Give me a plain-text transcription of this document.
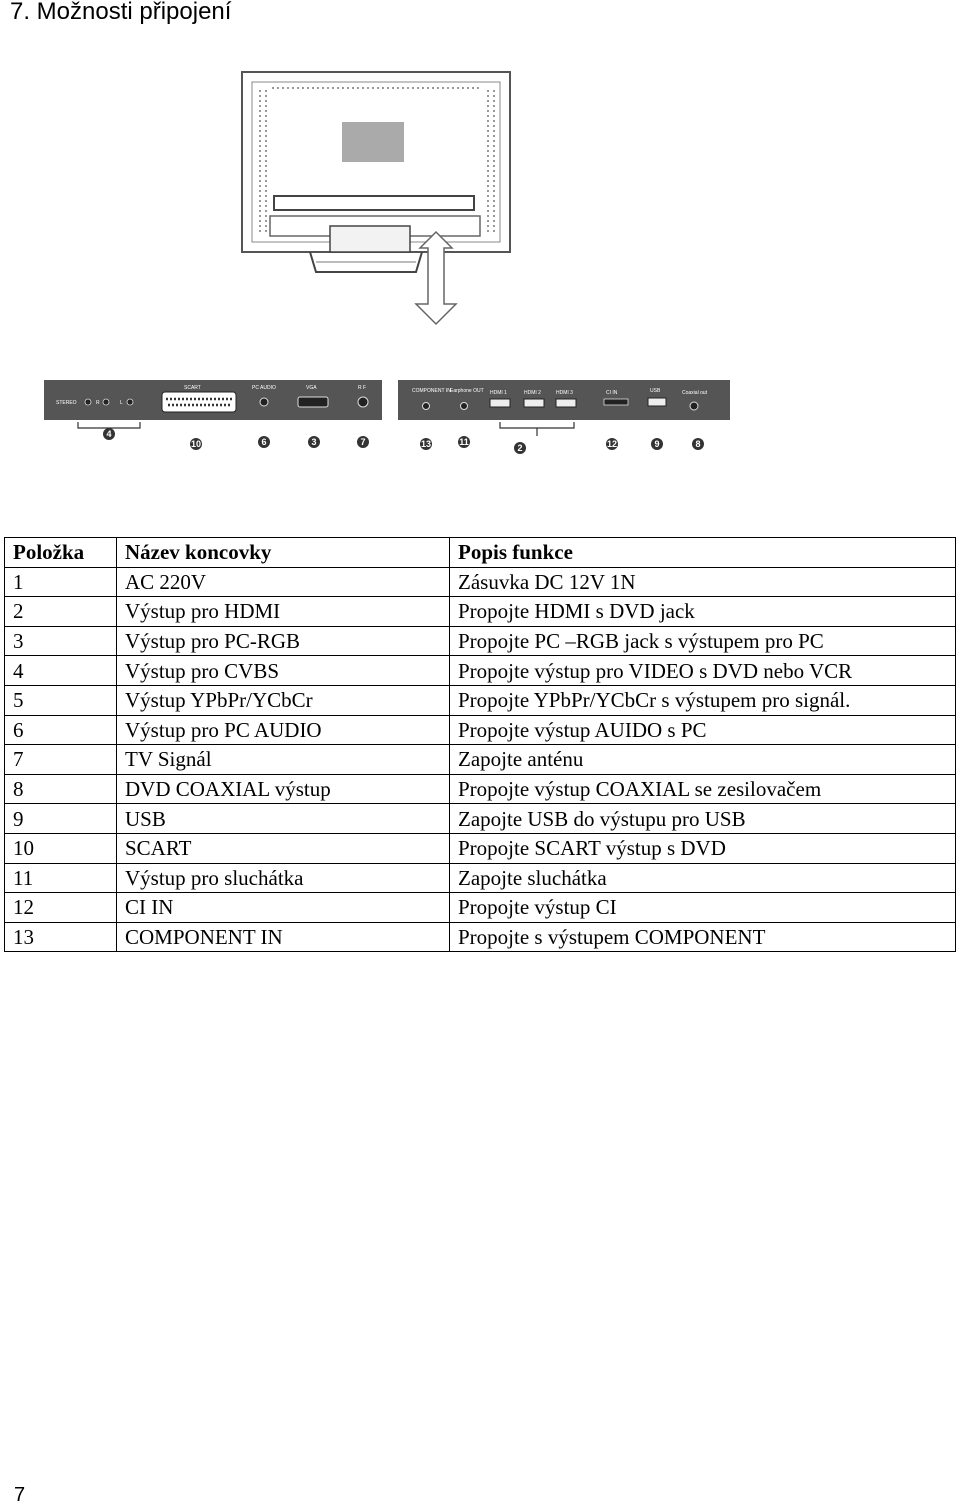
7. Možnosti připojení
STEREO	R	L
SCART	PC AUDIO	VGA	R F	COMPONENT IN Earphone OUT HDMI 1	HDMI 2	HDMI 3	CI IN	USB	Coaxial out
4
10	6	3	7	13	11
2	12	9	8
Položka	Název koncovky	Popis funkce
1	AC 220V	Zásuvka DC 12V 1N
2	Výstup pro HDMI	Propojte HDMI s DVD jack
3	Výstup pro PC-RGB	Propojte PC –RGB jack s výstupem pro PC
4	Výstup pro CVBS	Propojte výstup pro VIDEO s DVD nebo VCR
5	Výstup YPbPr/YCbCr	Propojte YPbPr/YCbCr s výstupem pro signál.
6	Výstup pro PC AUDIO	Propojte výstup AUIDO s PC
7	TV Signál	Zapojte anténu
8	DVD COAXIAL výstup	Propojte výstup COAXIAL se zesilovačem
9	USB	Zapojte USB do výstupu pro USB
10	SCART	Propojte SCART výstup s DVD
11	Výstup pro sluchátka	Zapojte sluchátka
12	CI IN	Propojte výstup CI
13	COMPONENT IN	Propojte s výstupem COMPONENT
7
